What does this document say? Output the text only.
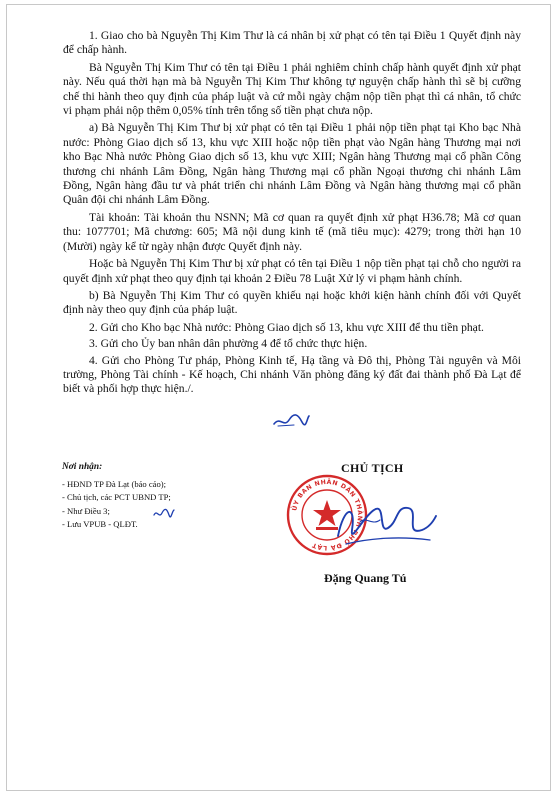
1. Giao cho bà Nguyễn Thị Kim Thư là cá nhân bị xử phạt có tên tại Điều 1 Quyết định này để chấp hành.

Bà Nguyễn Thị Kim Thư có tên tại Điều 1 phải nghiêm chỉnh chấp hành quyết định xử phạt này. Nếu quá thời hạn mà bà Nguyễn Thị Kim Thư không tự nguyện chấp hành thì sẽ bị cưỡng chế thi hành theo quy định của pháp luật và cứ mỗi ngày chậm nộp tiền phạt thì cá nhân, tổ chức vi phạm phải nộp thêm 0,05% tính trên tổng số tiền phạt chưa nộp.

a) Bà Nguyễn Thị Kim Thư bị xử phạt có tên tại Điều 1 phải nộp tiền phạt tại Kho bạc Nhà nước: Phòng Giao dịch số 13, khu vực XIII hoặc nộp tiền phạt vào Ngân hàng Thương mại nơi kho Bạc Nhà nước Phòng Giao dịch số 13, khu vực XIII; Ngân hàng Thương mại cổ phần Công thương chi nhánh Lâm Đồng, Ngân hàng Thương mại cổ phần Ngoại thương chi nhánh Lâm Đồng, Ngân hàng đầu tư và phát triển chi nhánh Lâm Đồng và Ngân hàng thương mại cổ phần Quân đội chi nhánh Lâm Đồng.

Tài khoản: Tài khoản thu NSNN; Mã cơ quan ra quyết định xử phạt H36.78; Mã cơ quan thu: 1077701; Mã chương: 605; Mã nội dung kinh tế (mã tiêu mục): 4279; trong thời hạn 10 (Mười) ngày kể từ ngày nhận được Quyết định này.

Hoặc bà Nguyễn Thị Kim Thư bị xử phạt có tên tại Điều 1 nộp tiền phạt tại chỗ cho người ra quyết định xử phạt theo quy định tại khoản 2 Điều 78 Luật Xử lý vi phạm hành chính.

b) Bà Nguyễn Thị Kim Thư có quyền khiếu nại hoặc khởi kiện hành chính đối với Quyết định này theo quy định của pháp luật.

2. Gửi cho Kho bạc Nhà nước: Phòng Giao dịch số 13, khu vực XIII để thu tiền phạt.

3. Gửi cho Ủy ban nhân dân phường 4 để tổ chức thực hiện.

4. Gửi cho Phòng Tư pháp, Phòng Kinh tế, Hạ tầng và Đô thị, Phòng Tài nguyên và Môi trường, Phòng Tài chính - Kế hoạch, Chi nhánh Văn phòng đăng ký đất đai thành phố Đà Lạt để biết và phối hợp thực hiện./.

Nơi nhận:
- HĐND TP Đà Lạt (báo cáo);
- Chủ tịch, các PCT UBND TP;
- Như Điều 3;
- Lưu VPUB - QLĐT.
CHỦ TỊCH
ỦY BAN NHÂN DÂN THÀNH PHỐ ĐÀ LẠT
Đặng Quang Tú
